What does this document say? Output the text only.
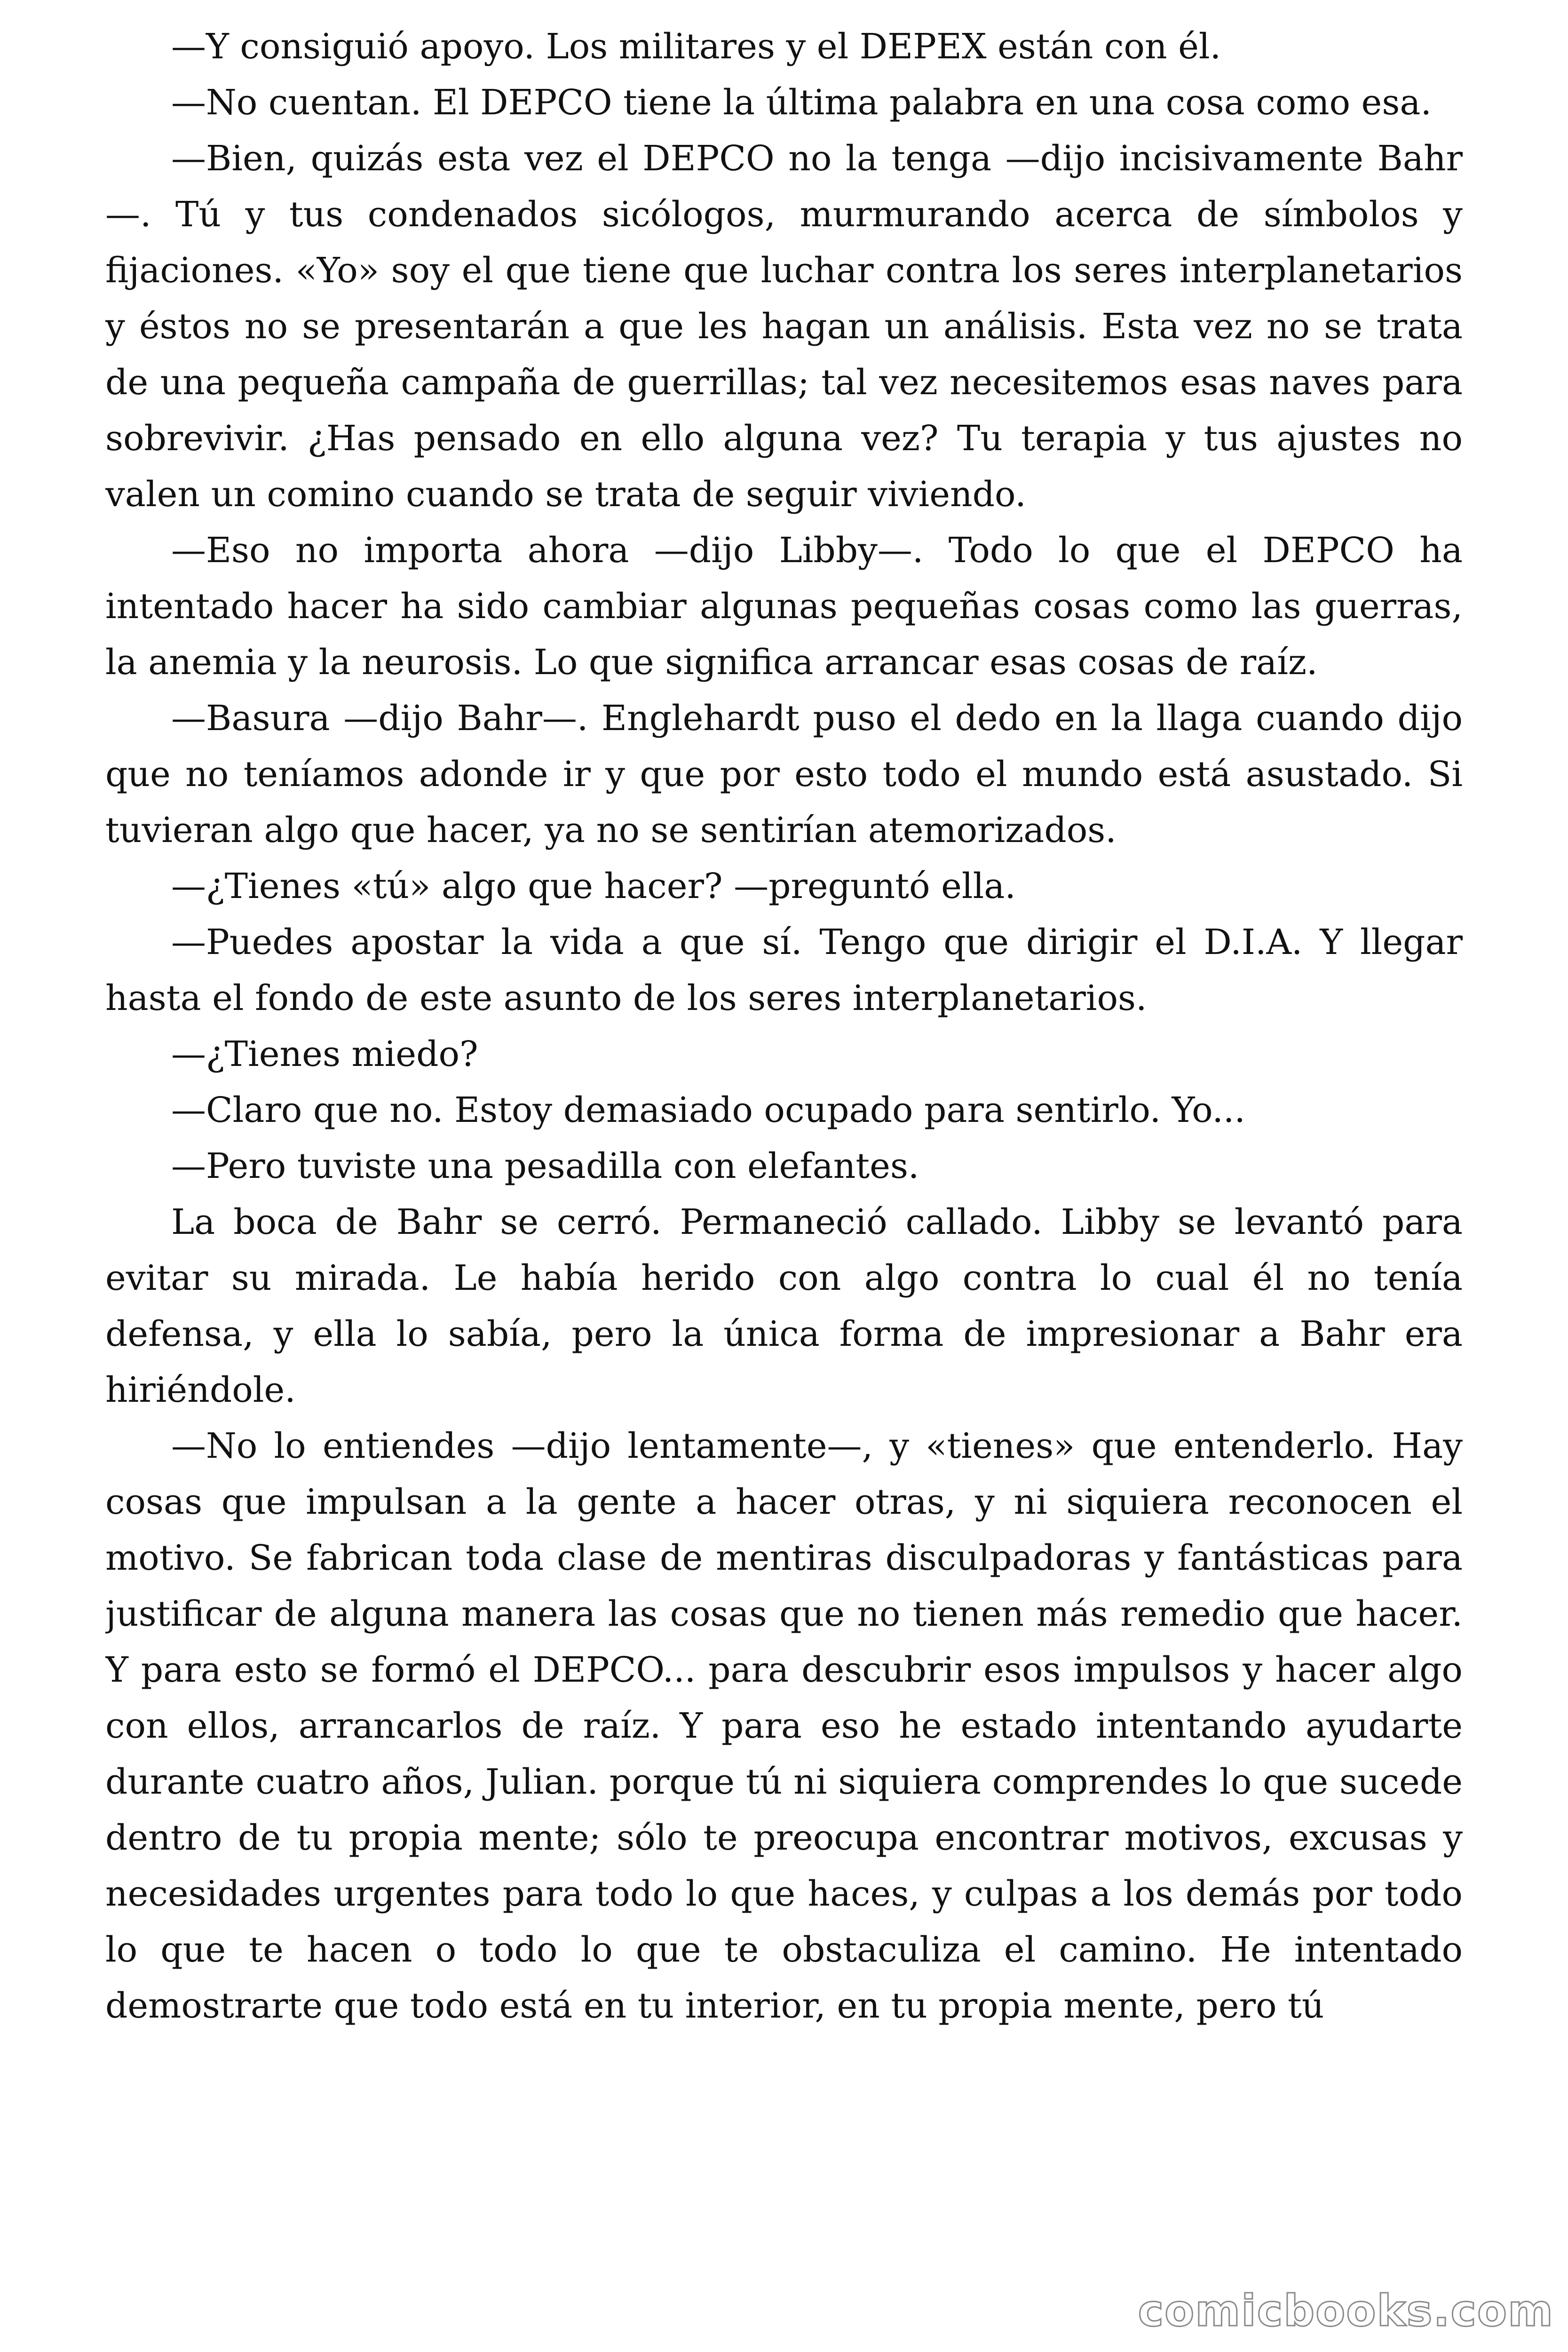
—Y consiguió apoyo. Los militares y el DEPEX están con él.

—No cuentan. El DEPCO tiene la última palabra en una cosa como esa.

—Bien, quizás esta vez el DEPCO no la tenga —dijo incisivamente Bahr—. Tú y tus condenados sicólogos, murmurando acerca de símbolos y fijaciones. «Yo» soy el que tiene que luchar contra los seres interplanetarios y éstos no se presentarán a que les hagan un análisis. Esta vez no se trata de una pequeña campaña de guerrillas; tal vez necesitemos esas naves para sobrevivir. ¿Has pensado en ello alguna vez? Tu terapia y tus ajustes no valen un comino cuando se trata de seguir viviendo.

—Eso no importa ahora —dijo Libby—. Todo lo que el DEPCO ha intentado hacer ha sido cambiar algunas pequeñas cosas como las guerras, la anemia y la neurosis. Lo que significa arrancar esas cosas de raíz.

—Basura —dijo Bahr—. Englehardt puso el dedo en la llaga cuando dijo que no teníamos adonde ir y que por esto todo el mundo está asustado. Si tuvieran algo que hacer, ya no se sentirían atemorizados.

—¿Tienes «tú» algo que hacer? —preguntó ella.

—Puedes apostar la vida a que sí. Tengo que dirigir el D.I.A. Y llegar hasta el fondo de este asunto de los seres interplanetarios.

—¿Tienes miedo?

—Claro que no. Estoy demasiado ocupado para sentirlo. Yo...

—Pero tuviste una pesadilla con elefantes.

La boca de Bahr se cerró. Permaneció callado. Libby se levantó para evitar su mirada. Le había herido con algo contra lo cual él no tenía defensa, y ella lo sabía, pero la única forma de impresionar a Bahr era hiriéndole.

—No lo entiendes —dijo lentamente—, y «tienes» que entenderlo. Hay cosas que impulsan a la gente a hacer otras, y ni siquiera reconocen el motivo. Se fabrican toda clase de mentiras disculpadoras y fantásticas para justificar de alguna manera las cosas que no tienen más remedio que hacer. Y para esto se formó el DEPCO... para descubrir esos impulsos y hacer algo con ellos, arrancarlos de raíz. Y para eso he estado intentando ayudarte durante cuatro años, Julian. porque tú ni siquiera comprendes lo que sucede dentro de tu propia mente; sólo te preocupa encontrar motivos, excusas y necesidades urgentes para todo lo que haces, y culpas a los demás por todo lo que te hacen o todo lo que te obstaculiza el camino. He intentado demostrarte que todo está en tu interior, en tu propia mente, pero tú

comicbooks.com
